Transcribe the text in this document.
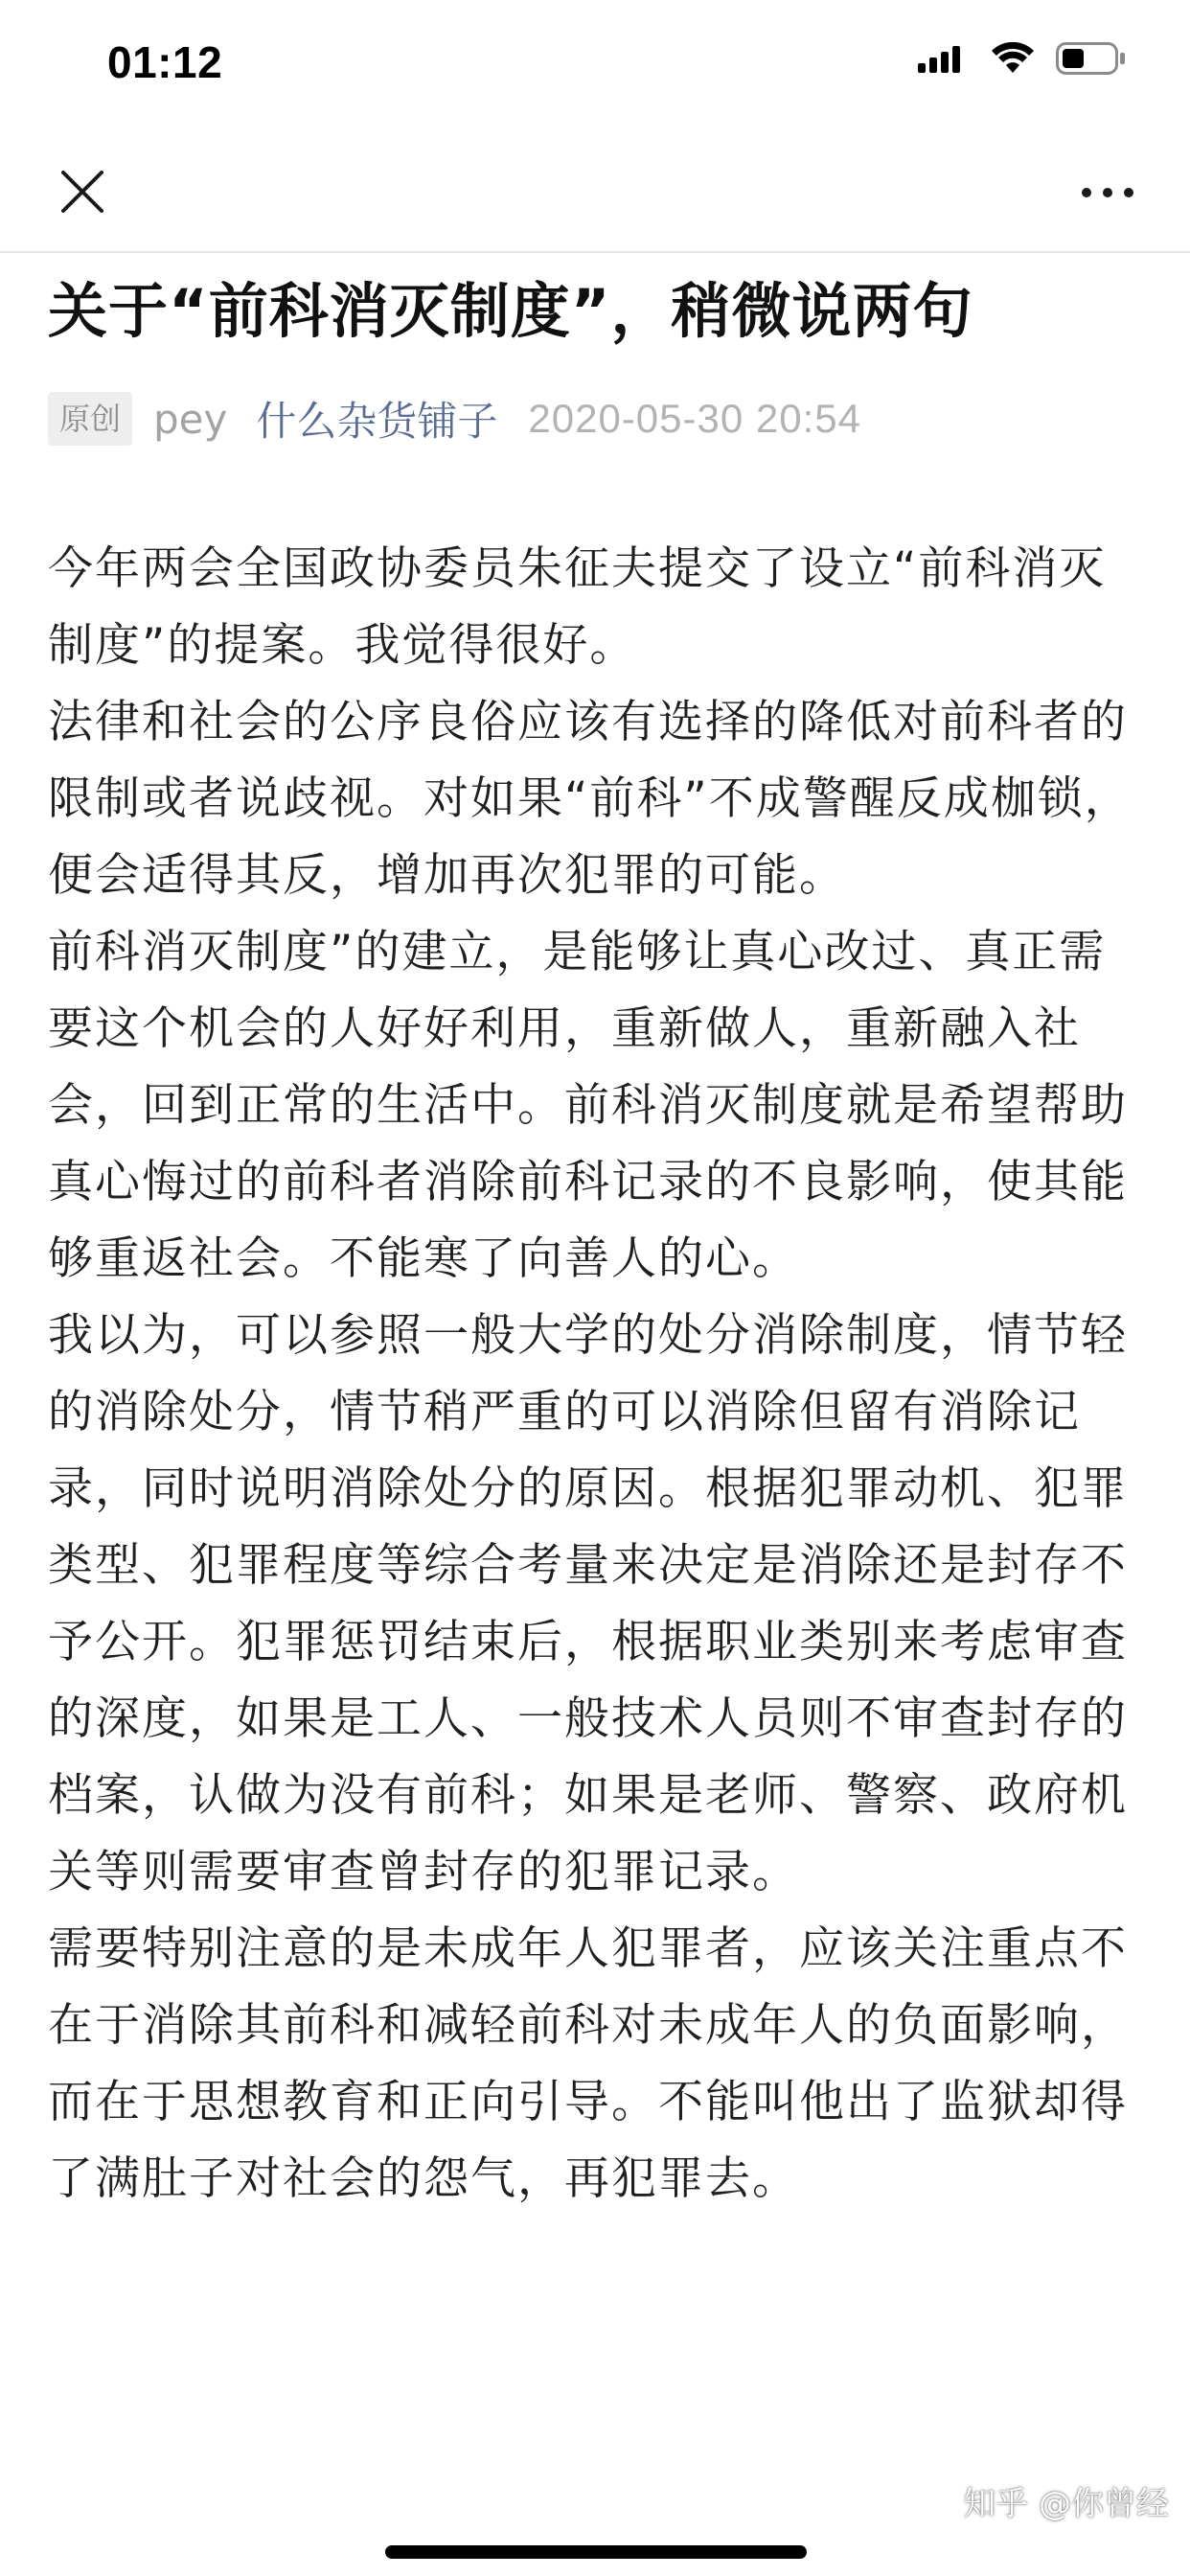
01:12
关于“前科消灭制度”，稍微说两句
原创 pey 什么杂货铺子 2020-05-30 20:54

今年两会全国政协委员朱征夫提交了设立“前科消灭制度”的提案。我觉得很好。

法律和社会的公序良俗应该有选择的降低对前科者的限制或者说歧视。对如果“前科”不成警醒反成枷锁，便会适得其反，增加再次犯罪的可能。

前科消灭制度”的建立，是能够让真心改过、真正需要这个机会的人好好利用，重新做人，重新融入社会，回到正常的生活中。前科消灭制度就是希望帮助真心悔过的前科者消除前科记录的不良影响，使其能够重返社会。不能寒了向善人的心。

我以为，可以参照一般大学的处分消除制度，情节轻的消除处分，情节稍严重的可以消除但留有消除记录，同时说明消除处分的原因。根据犯罪动机、犯罪类型、犯罪程度等综合考量来决定是消除还是封存不予公开。犯罪惩罚结束后，根据职业类别来考虑审查的深度，如果是工人、一般技术人员则不审查封存的档案，认做为没有前科；如果是老师、警察、政府机关等则需要审查曾封存的犯罪记录。

需要特别注意的是未成年人犯罪者，应该关注重点不在于消除其前科和减轻前科对未成年人的负面影响，而在于思想教育和正向引导。不能叫他出了监狱却得了满肚子对社会的怨气，再犯罪去。

知乎 @你曾经
